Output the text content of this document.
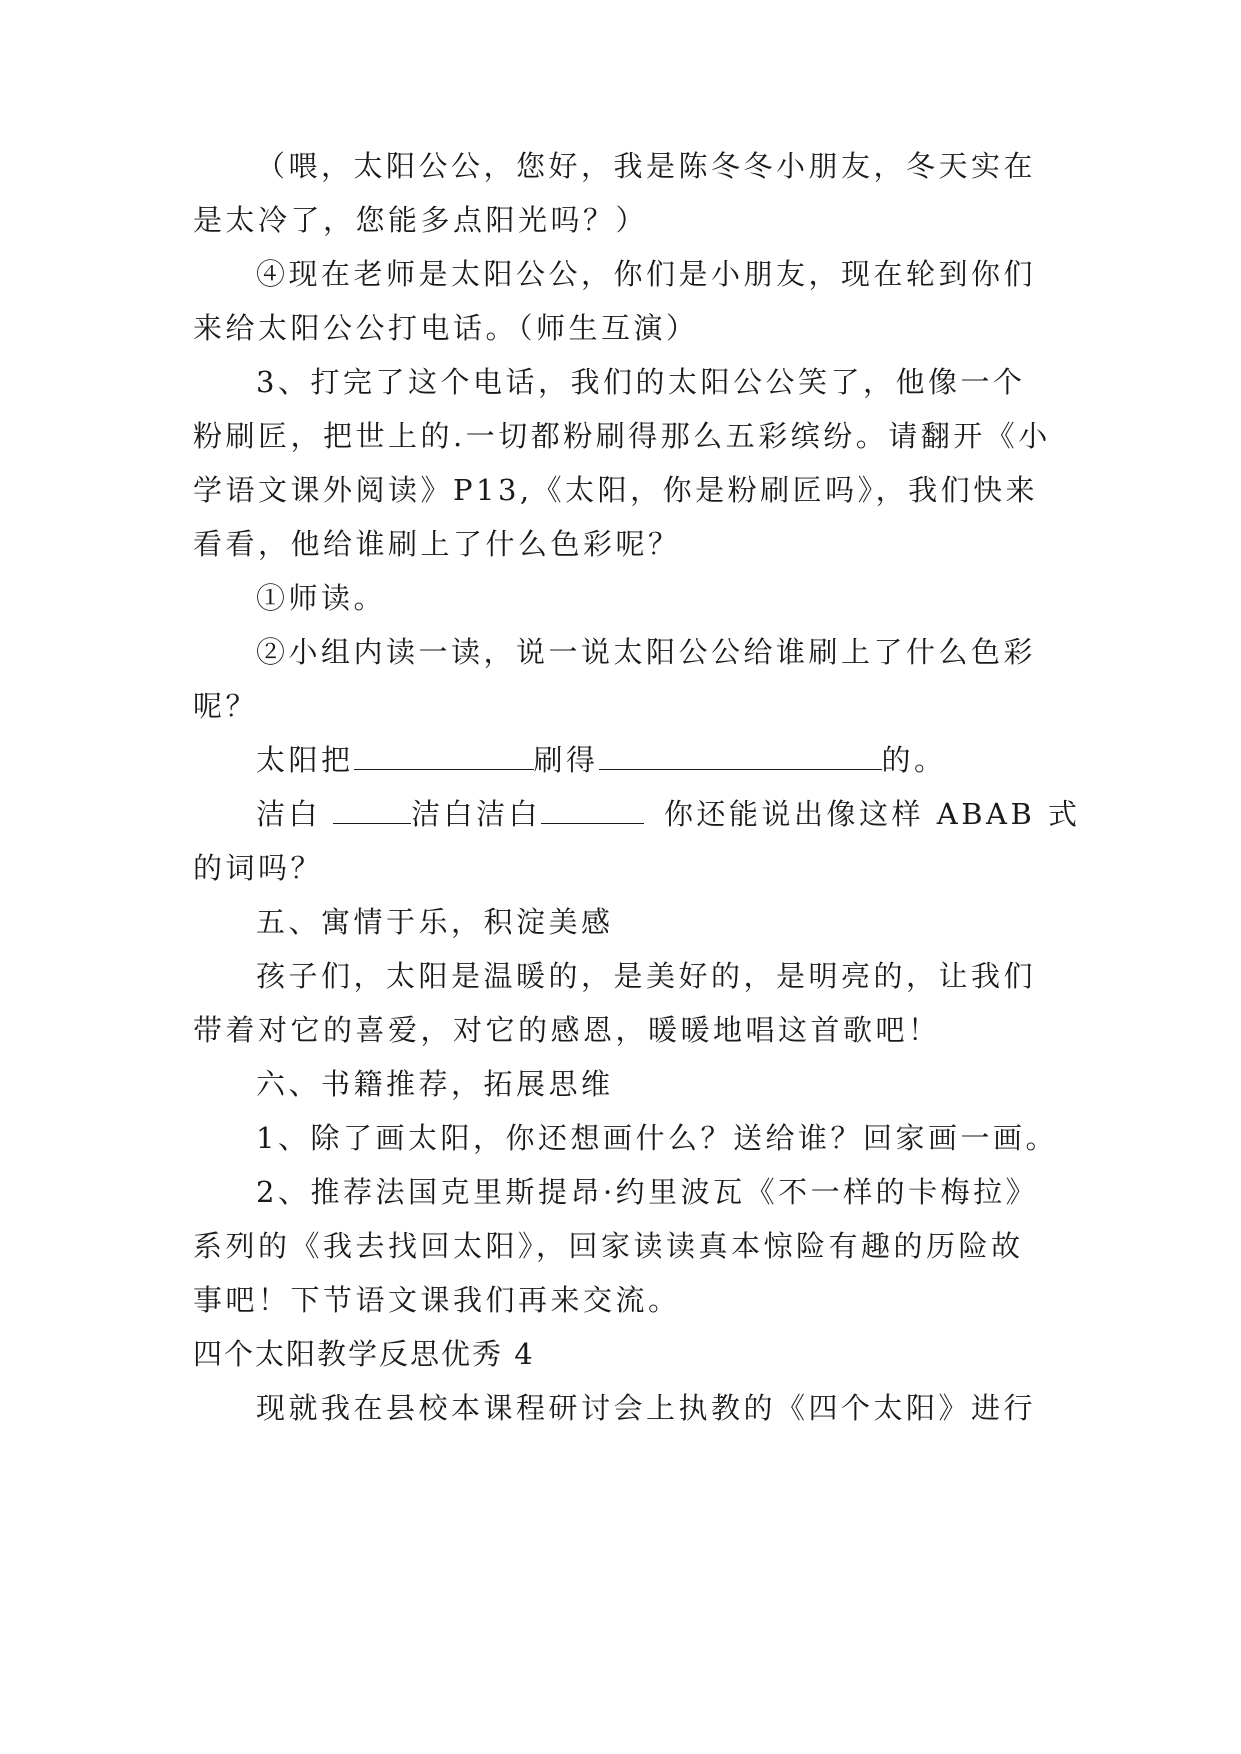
（喂，太阳公公，您好，我是陈冬冬小朋友，冬天实在
是太冷了，您能多点阳光吗？）
④现在老师是太阳公公，你们是小朋友，现在轮到你们
来给太阳公公打电话。（师生互演）
3、打完了这个电话，我们的太阳公公笑了，他像一个
粉刷匠，把世上的.一切都粉刷得那么五彩缤纷。请翻开《小
学语文课外阅读》P13,《太阳，你是粉刷匠吗》，我们快来
看看，他给谁刷上了什么色彩呢？
①师读。
②小组内读一读，说一说太阳公公给谁刷上了什么色彩
呢？
太阳把	刷得	的。
洁白	洁白洁白	你还能说出像这样 ABAB 式
的词吗？
五、寓情于乐，积淀美感
孩子们，太阳是温暖的，是美好的，是明亮的，让我们
带着对它的喜爱，对它的感恩，暖暖地唱这首歌吧！
六、书籍推荐，拓展思维
1、除了画太阳，你还想画什么？送给谁？回家画一画。
2、推荐法国克里斯提昂·约里波瓦《不一样的卡梅拉》
系列的《我去找回太阳》，回家读读真本惊险有趣的历险故
事吧！下节语文课我们再来交流。
四个太阳教学反思优秀 4
现就我在县校本课程研讨会上执教的《四个太阳》进行
